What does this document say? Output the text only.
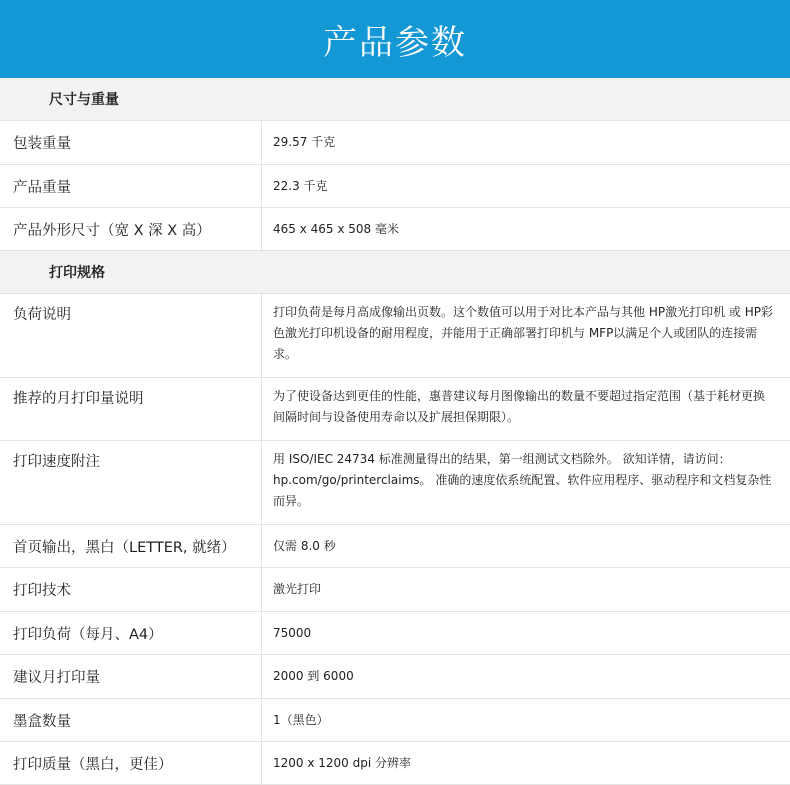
产品参数
尺寸与重量
包装重量	29.57 千克
产品重量	22.3 千克
产品外形尺寸（宽 X 深 X 高）	465 x 465 x 508 毫米
打印规格
负荷说明	打印负荷是每月高成像输出页数。这个数值可以用于对比本产品与其他 HP激光打印机 或 HP彩色激光打印机设备的耐用程度，并能用于正确部署打印机与 MFP以满足个人或团队的连接需求。
推荐的月打印量说明	为了使设备达到更佳的性能，惠普建议每月图像输出的数量不要超过指定范围（基于耗材更换间隔时间与设备使用寿命以及扩展担保期限）。
打印速度附注	用 ISO/IEC 24734 标准测量得出的结果，第一组测试文档除外。 欲知详情，请访问：hp.com/go/printerclaims。 准确的速度依系统配置、软件应用程序、驱动程序和文档复杂性而异。
首页输出，黑白（LETTER, 就绪）	仅需 8.0 秒
打印技术	激光打印
打印负荷（每月、A4）	75000
建议月打印量	2000 到 6000
墨盒数量	1（黑色）
打印质量（黑白，更佳）	1200 x 1200 dpi 分辨率
